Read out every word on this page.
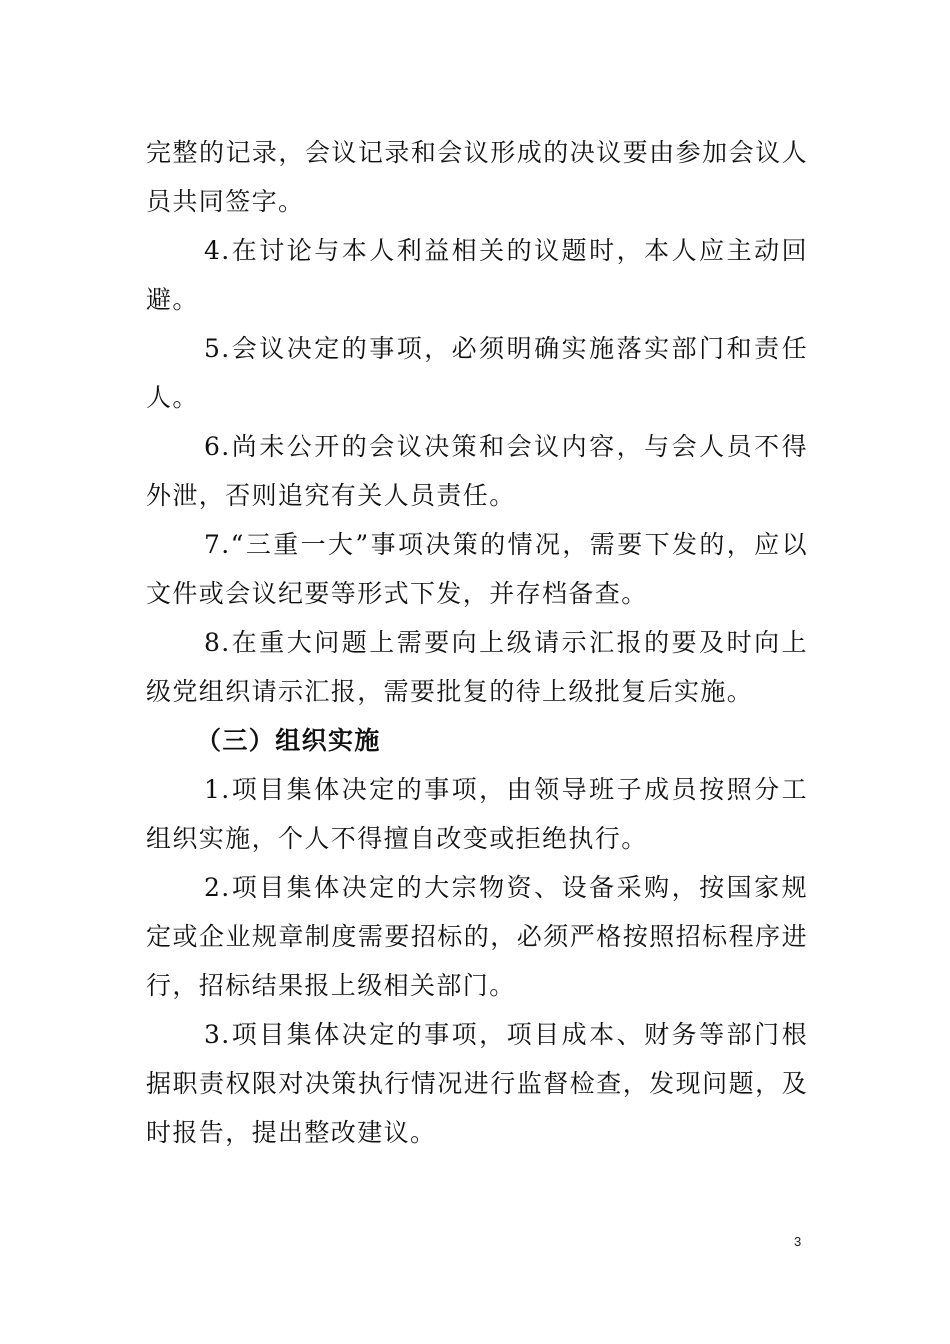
完整的记录，会议记录和会议形成的决议要由参加会议人员共同签字。

4.在讨论与本人利益相关的议题时，本人应主动回避。

5.会议决定的事项，必须明确实施落实部门和责任人。

6.尚未公开的会议决策和会议内容，与会人员不得外泄，否则追究有关人员责任。

7.“三重一大”事项决策的情况，需要下发的，应以文件或会议纪要等形式下发，并存档备查。

8.在重大问题上需要向上级请示汇报的要及时向上级党组织请示汇报，需要批复的待上级批复后实施。

（三）组织实施

1.项目集体决定的事项，由领导班子成员按照分工组织实施，个人不得擅自改变或拒绝执行。

2.项目集体决定的大宗物资、设备采购，按国家规定或企业规章制度需要招标的，必须严格按照招标程序进行，招标结果报上级相关部门。

3.项目集体决定的事项，项目成本、财务等部门根据职责权限对决策执行情况进行监督检查，发现问题，及时报告，提出整改建议。

3
